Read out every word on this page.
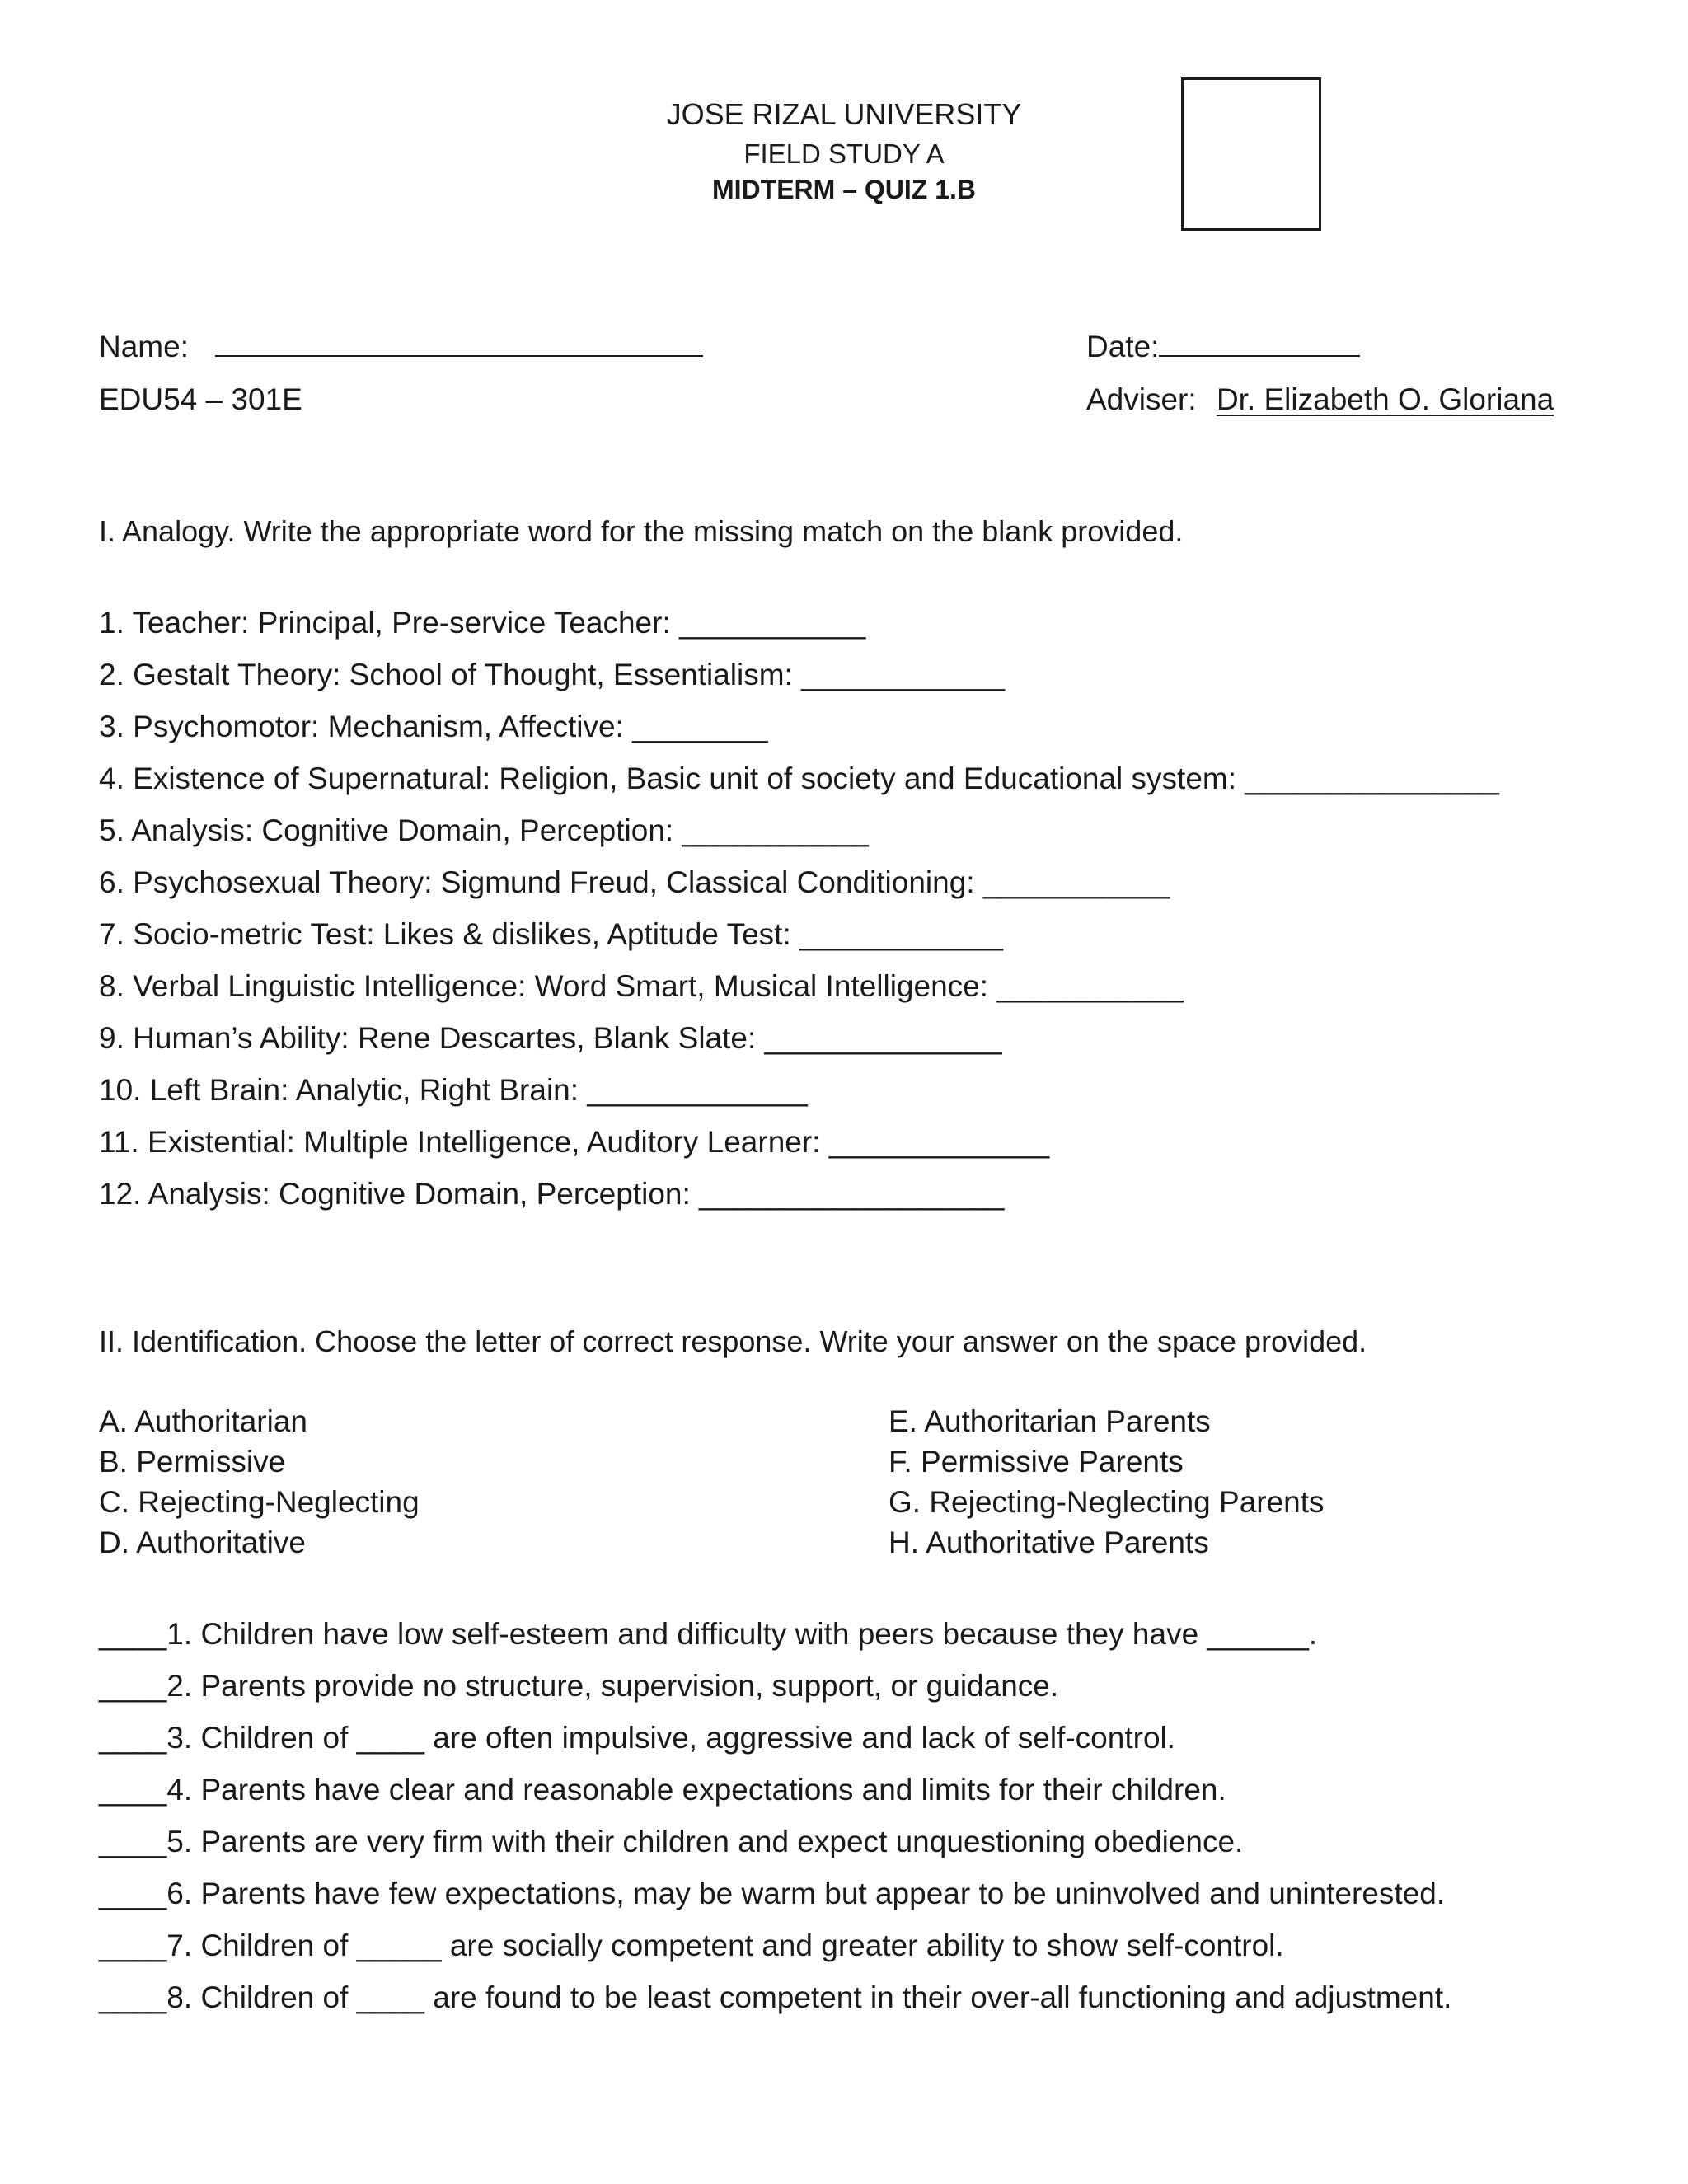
JOSE RIZAL UNIVERSITY
FIELD STUDY A
MIDTERM – QUIZ 1.B
Name:	Date:
EDU54 – 301E	Adviser: Dr. Elizabeth O. Gloriana
I. Analogy. Write the appropriate word for the missing match on the blank provided.
1. Teacher: Principal, Pre-service Teacher: ___________
2. Gestalt Theory: School of Thought, Essentialism: ____________
3. Psychomotor: Mechanism, Affective: ________
4. Existence of Supernatural: Religion, Basic unit of society and Educational system: _______________
5. Analysis: Cognitive Domain, Perception: ___________
6. Psychosexual Theory: Sigmund Freud, Classical Conditioning: ___________
7. Socio-metric Test: Likes & dislikes, Aptitude Test: ____________
8. Verbal Linguistic Intelligence: Word Smart, Musical Intelligence: ___________
9. Human’s Ability: Rene Descartes, Blank Slate: ______________
10. Left Brain: Analytic, Right Brain: _____________
11. Existential: Multiple Intelligence, Auditory Learner: _____________
12. Analysis: Cognitive Domain, Perception: __________________
II. Identification. Choose the letter of correct response. Write your answer on the space provided.
A. Authoritarian
B. Permissive
C. Rejecting-Neglecting
D. Authoritative
E. Authoritarian Parents
F. Permissive Parents
G. Rejecting-Neglecting Parents
H. Authoritative Parents
____1. Children have low self-esteem and difficulty with peers because they have ______.
____2. Parents provide no structure, supervision, support, or guidance.
____3. Children of ____ are often impulsive, aggressive and lack of self-control.
____4. Parents have clear and reasonable expectations and limits for their children.
____5. Parents are very firm with their children and expect unquestioning obedience.
____6. Parents have few expectations, may be warm but appear to be uninvolved and uninterested.
____7. Children of _____ are socially competent and greater ability to show self-control.
____8. Children of ____ are found to be least competent in their over-all functioning and adjustment.
